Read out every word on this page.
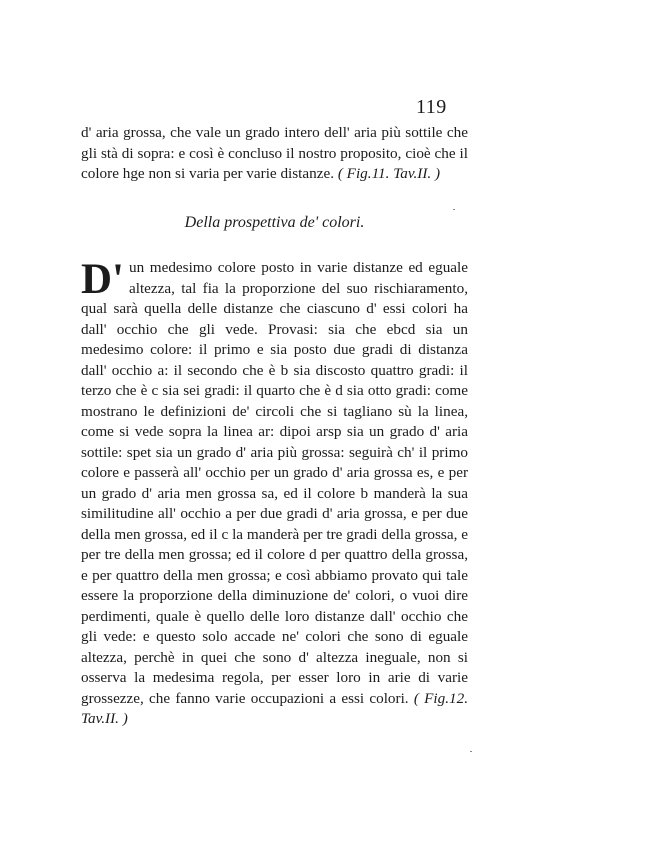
119

d' aria grossa, che vale un grado intero dell' aria più sottile che gli stà di sopra: e così è concluso il nostro proposito, cioè che il colore hge non si varia per varie distanze. ( Fig.11. Tav.II. )

Della prospettiva de' colori.

D' un medesimo colore posto in varie distanze ed eguale altezza, tal fia la proporzione del suo rischiaramento, qual sarà quella delle distanze che ciascuno d' essi colori ha dall' occhio che gli vede. Provasi: sia che ebcd sia un medesimo colore: il primo e sia posto due gradi di distanza dall' occhio a: il secondo che è b sia discosto quattro gradi: il terzo che è c sia sei gradi: il quarto che è d sia otto gradi: come mostrano le definizioni de' circoli che si tagliano sù la linea, come si vede sopra la linea ar: dipoi arsp sia un grado d' aria sottile: spet sia un grado d' aria più grossa: seguirà ch' il primo colore e passerà all' occhio per un grado d' aria grossa es, e per un grado d' aria men grossa sa, ed il colore b manderà la sua similitudine all' occhio a per due gradi d' aria grossa, e per due della men grossa, ed il c la manderà per tre gradi della grossa, e per tre della men grossa; ed il colore d per quattro della grossa, e per quattro della men grossa; e così abbiamo provato qui tale essere la proporzione della diminuzione de' colori, o vuoi dire perdimenti, quale è quello delle loro distanze dall' occhio che gli vede: e questo solo accade ne' colori che sono di eguale altezza, perchè in quei che sono d' altezza ineguale, non si osserva la medesima regola, per esser loro in arie di varie grossezze, che fanno varie occupazioni a essi colori. ( Fig.12. Tav.II. )
